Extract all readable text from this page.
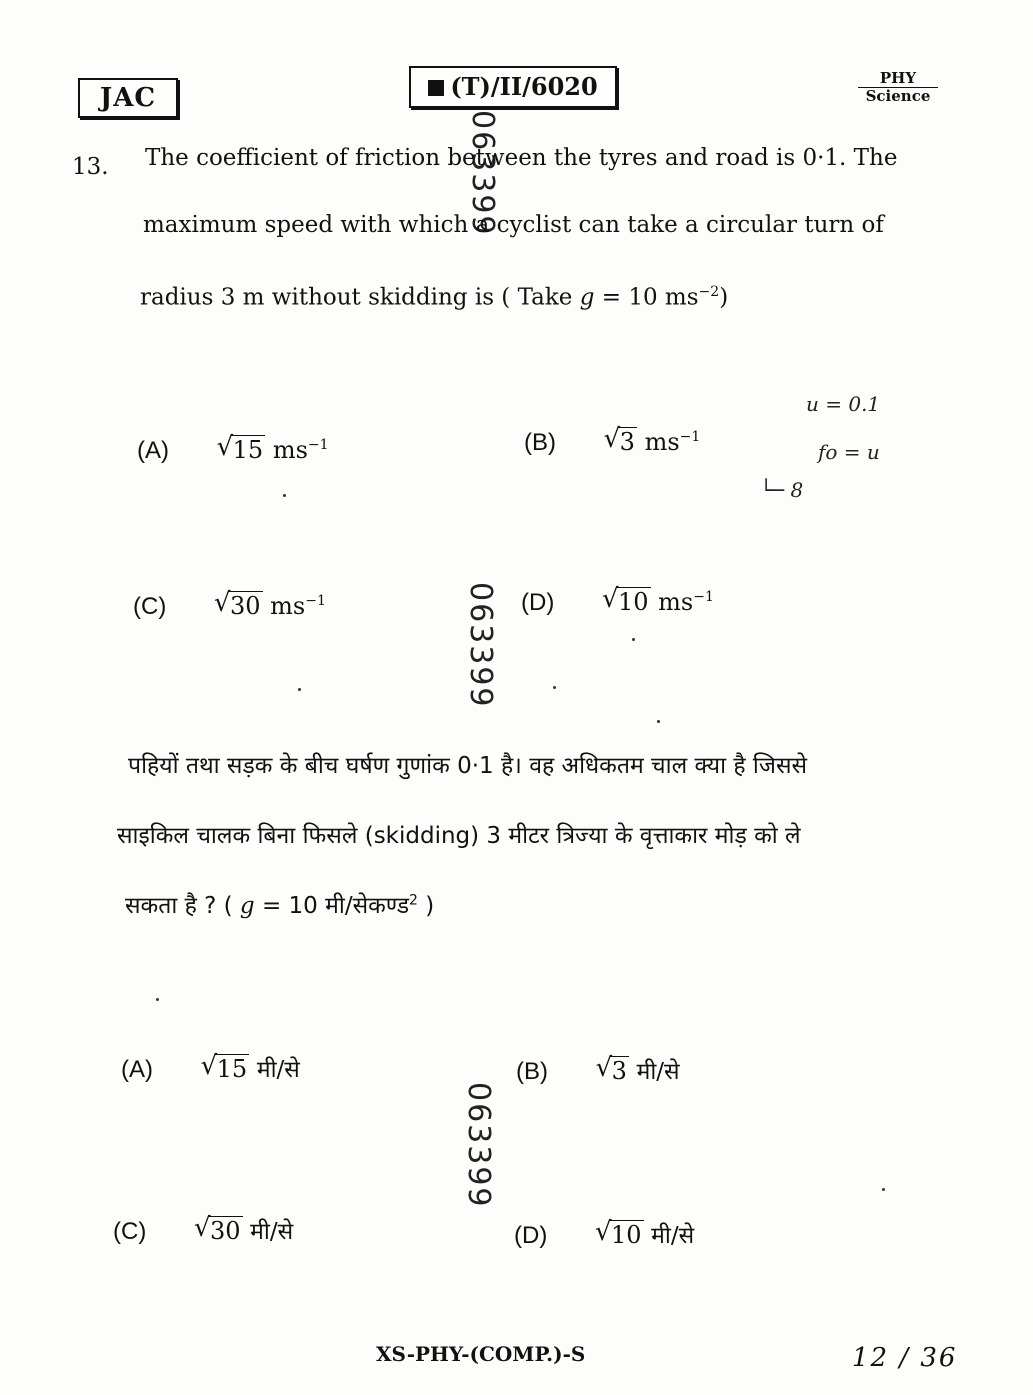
JAC	(T)/II/6020	PHY
Science
063399
063399
063399
13. The coefficient of friction between the tyres and road is 0·1. The
maximum speed with which a cyclist can take a circular turn of
radius 3 m without skidding is ( Take g = 10 $ms^{-2}$)
(A) √ 15 $ms^{-1}$	(B) √ 3 $ms^{-1}$
(C) √ 30 $ms^{-1}$	(D) √ 10 $ms^{-1}$
u = 0.1
fo = u
└─ 8
पहियों तथा सड़क के बीच घर्षण गुणांक 0·1 है। वह अधिकतम चाल क्या है जिससे
साइकिल चालक बिना फिसले (skidding) 3 मीटर त्रिज्या के वृत्ताकार मोड़ को ले
सकता है ? ( g = 10 मी/सेकण्ड$^2$ )
(A) √ 15 मी/से	(B) √ 3 मी/से
(C) √ 30 मी/से	(D) √ 10 मी/से
XS-PHY-(COMP.)-S	12 / 36
